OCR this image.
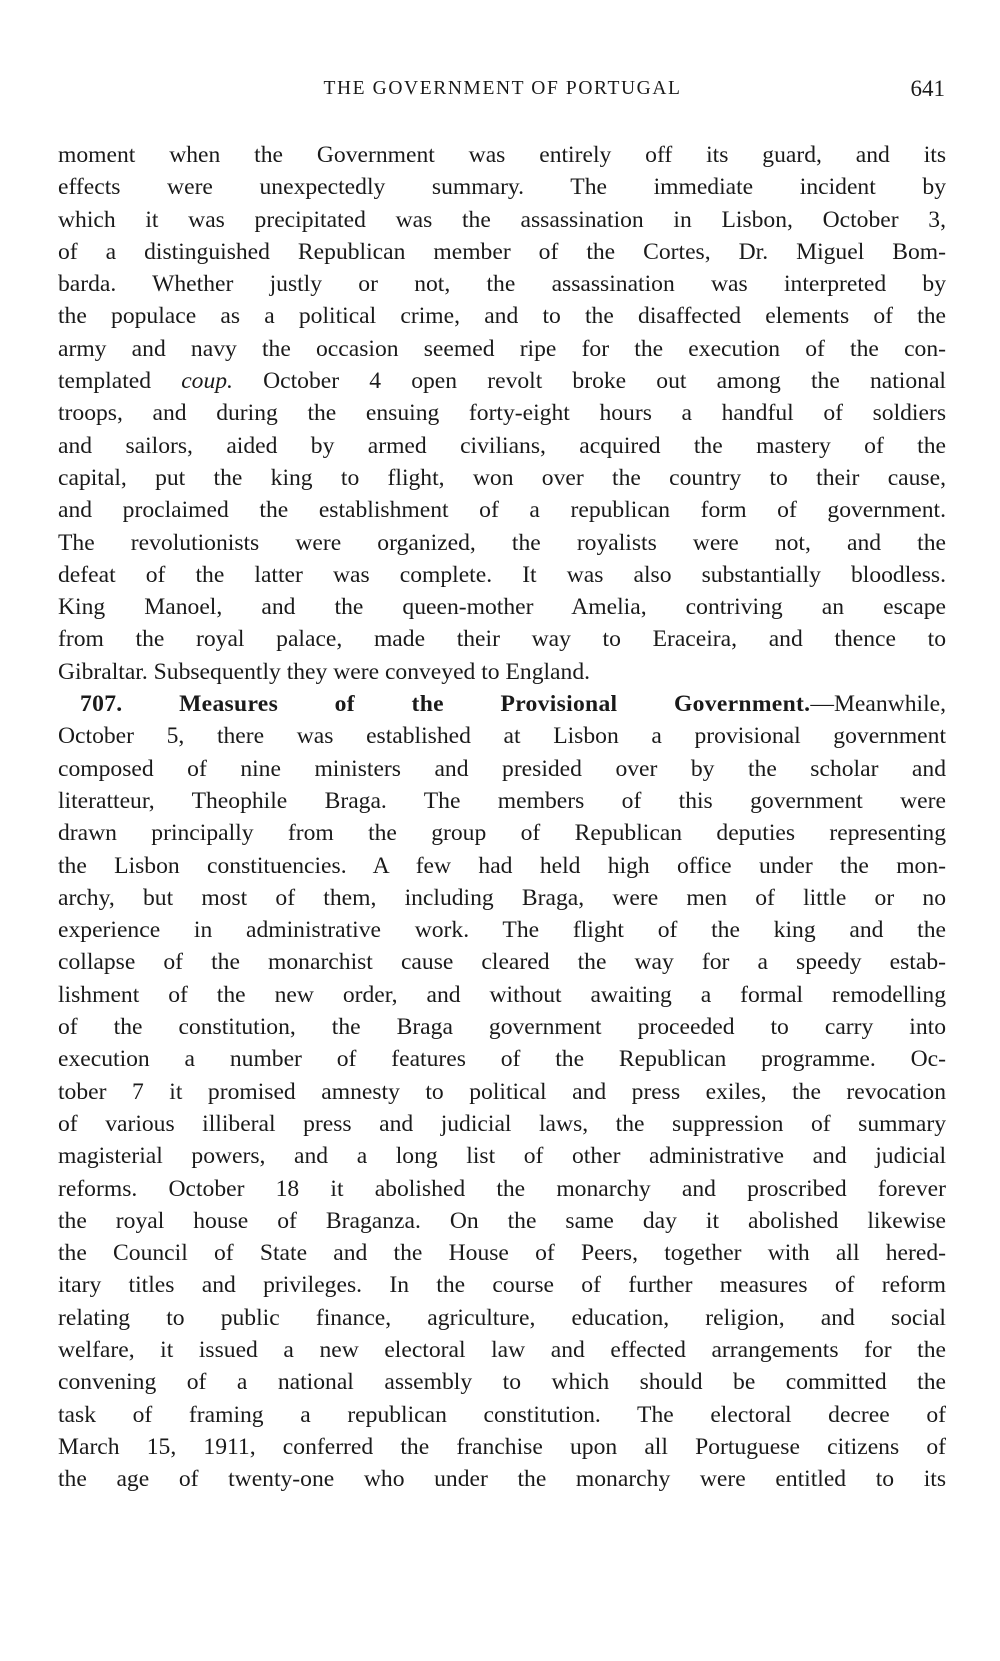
THE GOVERNMENT OF PORTUGAL	641
moment when the Government was entirely off its guard, and its
effects were unexpectedly summary. The immediate incident by
which it was precipitated was the assassination in Lisbon, October 3,
of a distinguished Republican member of the Cortes, Dr. Miguel Bom-
barda. Whether justly or not, the assassination was interpreted by
the populace as a political crime, and to the disaffected elements of the
army and navy the occasion seemed ripe for the execution of the con-
templated coup. October 4 open revolt broke out among the national
troops, and during the ensuing forty-eight hours a handful of soldiers
and sailors, aided by armed civilians, acquired the mastery of the
capital, put the king to flight, won over the country to their cause,
and proclaimed the establishment of a republican form of government.
The revolutionists were organized, the royalists were not, and the
defeat of the latter was complete. It was also substantially bloodless.
King Manoel, and the queen-mother Amelia, contriving an escape
from the royal palace, made their way to Eraceira, and thence to
Gibraltar. Subsequently they were conveyed to England.
707. Measures of the Provisional Government.—Meanwhile,
October 5, there was established at Lisbon a provisional government
composed of nine ministers and presided over by the scholar and
literatteur, Theophile Braga. The members of this government were
drawn principally from the group of Republican deputies representing
the Lisbon constituencies. A few had held high office under the mon-
archy, but most of them, including Braga, were men of little or no
experience in administrative work. The flight of the king and the
collapse of the monarchist cause cleared the way for a speedy estab-
lishment of the new order, and without awaiting a formal remodelling
of the constitution, the Braga government proceeded to carry into
execution a number of features of the Republican programme. Oc-
tober 7 it promised amnesty to political and press exiles, the revocation
of various illiberal press and judicial laws, the suppression of summary
magisterial powers, and a long list of other administrative and judicial
reforms. October 18 it abolished the monarchy and proscribed forever
the royal house of Braganza. On the same day it abolished likewise
the Council of State and the House of Peers, together with all hered-
itary titles and privileges. In the course of further measures of reform
relating to public finance, agriculture, education, religion, and social
welfare, it issued a new electoral law and effected arrangements for the
convening of a national assembly to which should be committed the
task of framing a republican constitution. The electoral decree of
March 15, 1911, conferred the franchise upon all Portuguese citizens of
the age of twenty-one who under the monarchy were entitled to its
